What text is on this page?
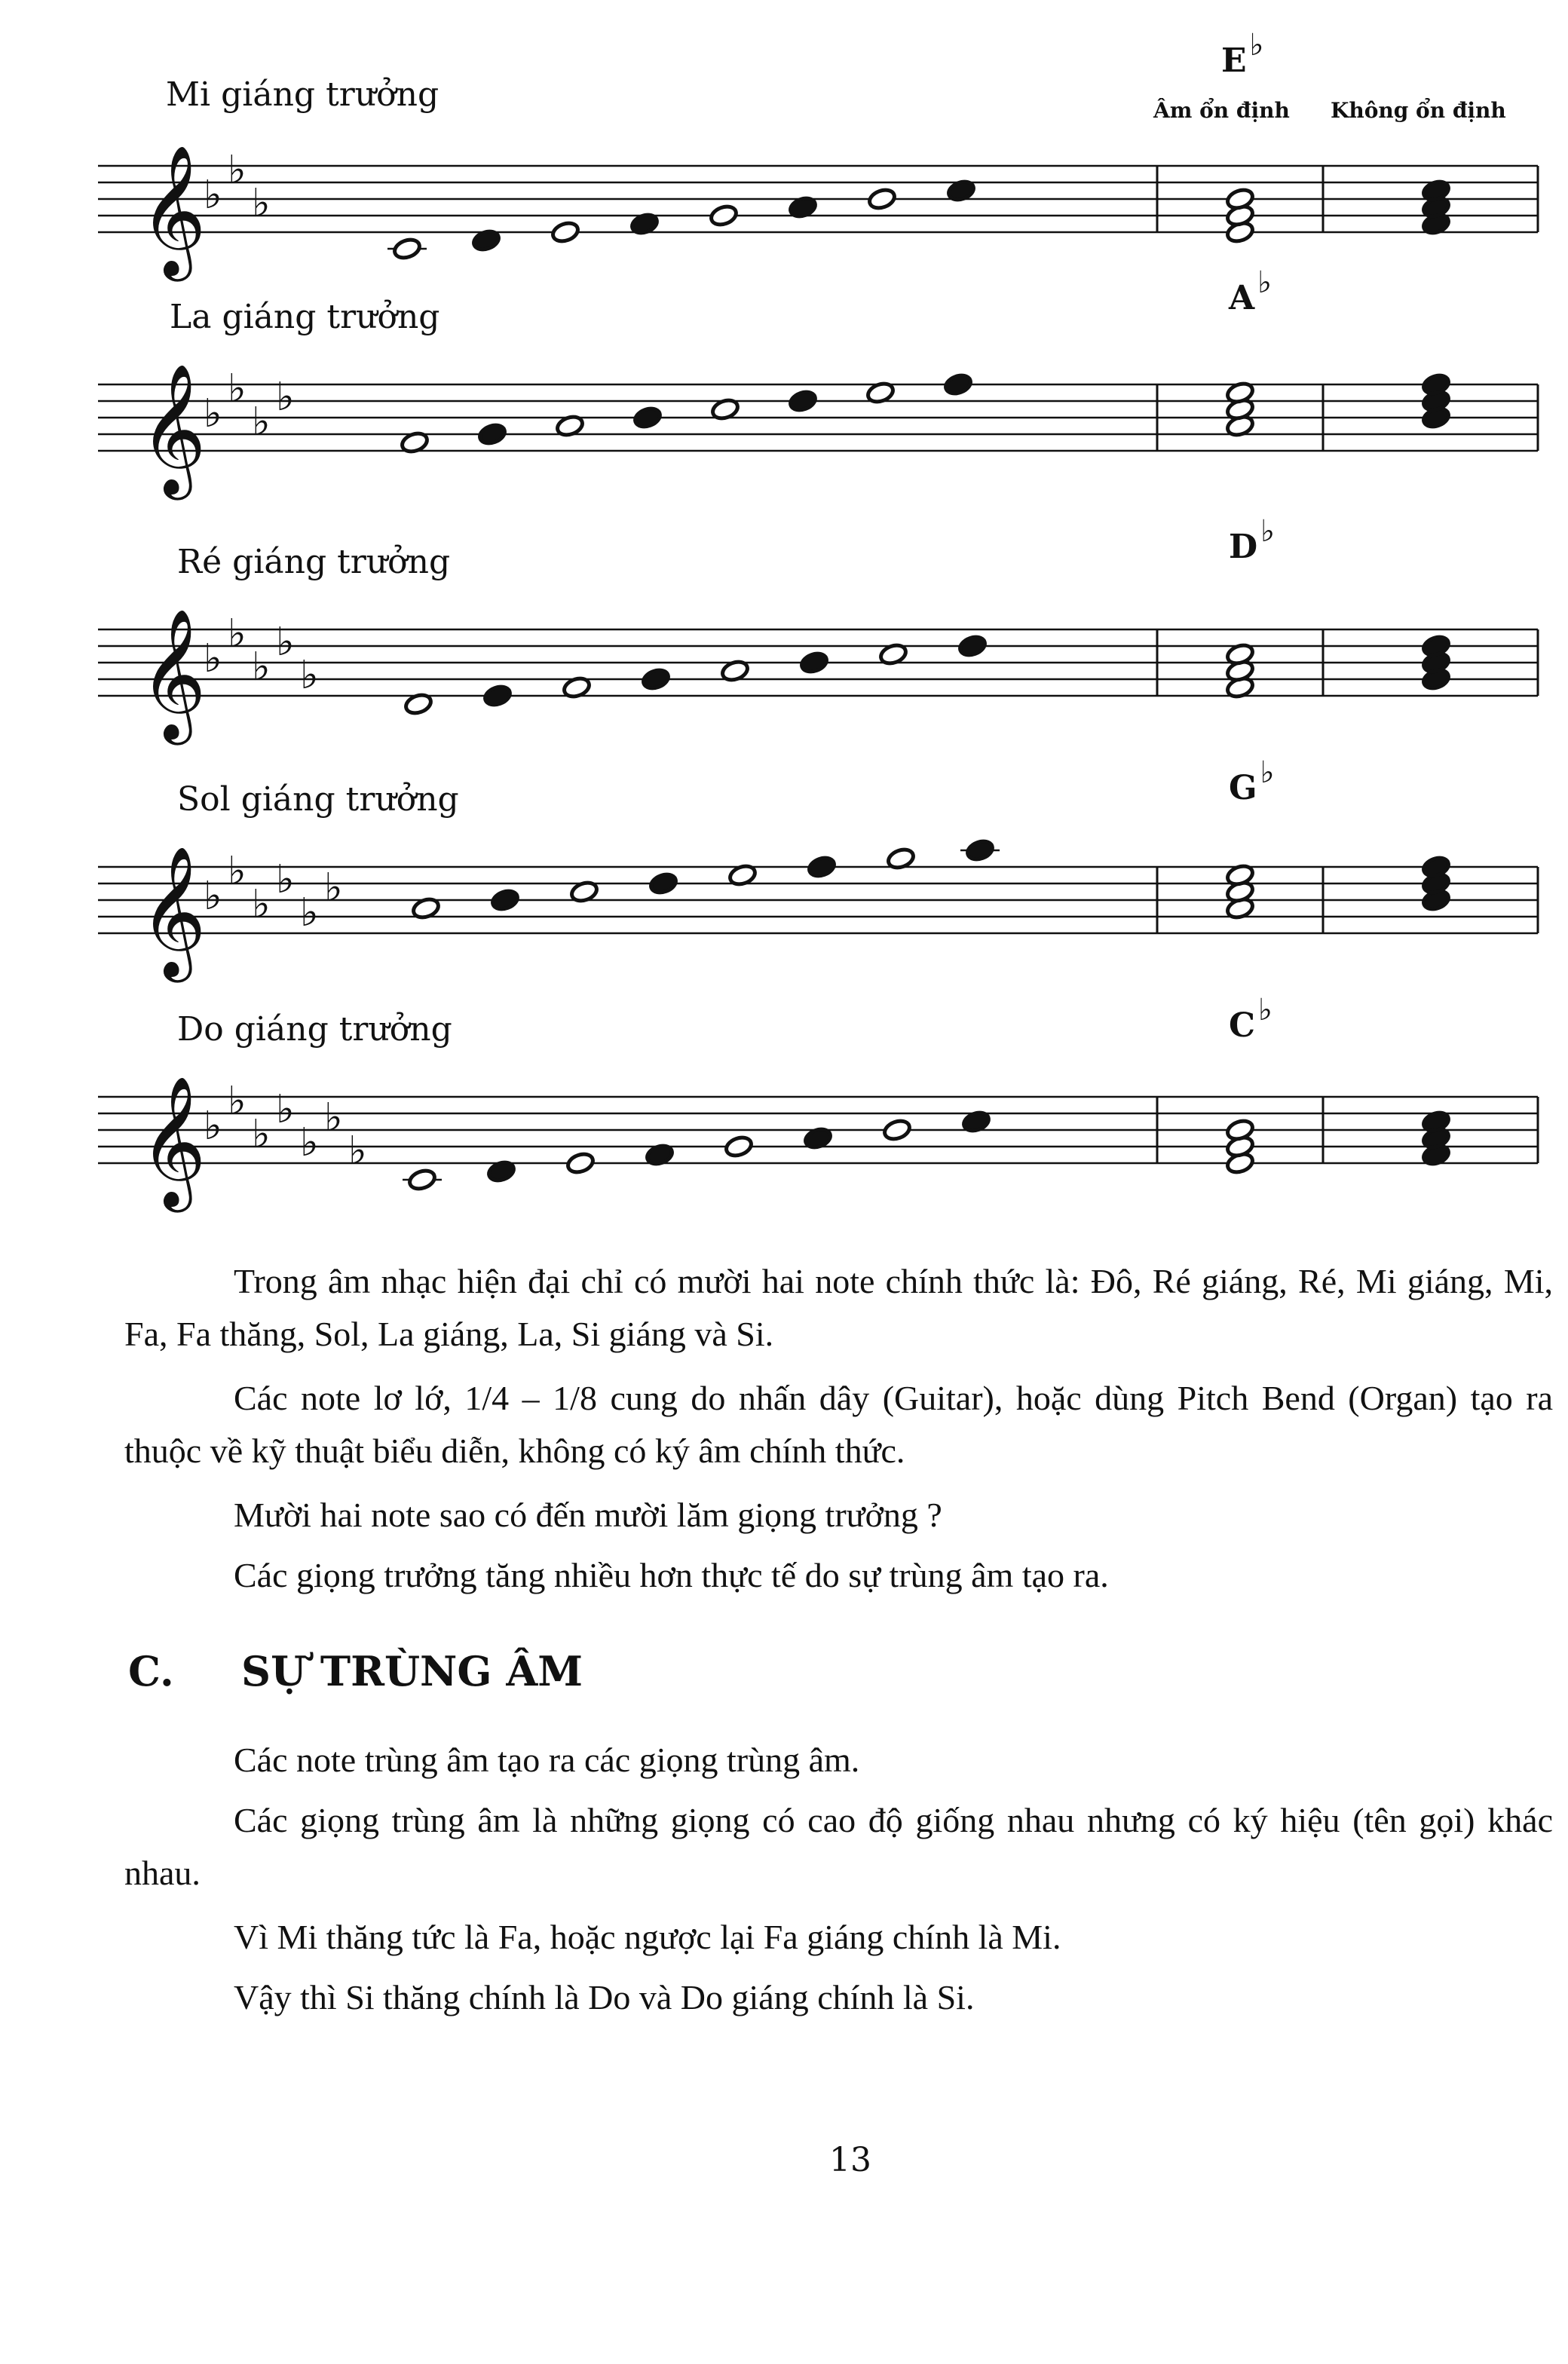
Âm ổn định Không ổn định
Mi giáng trưởng
E ♭
𝄞
♭
♭
♭
La giáng trưởng	A ♭
𝄞
♭
♭
♭
♭
Ré giáng trưởng	D ♭
𝄞
♭
♭
♭
♭
♭
Sol giáng trưởng	G ♭
𝄞
♭
♭
♭
♭
♭
♭
Do giáng trưởng	C ♭
𝄞
♭
♭
♭
♭
♭
♭
♭
Trong âm nhạc hiện đại chỉ có mười hai note chính thức là: Đô, Ré giáng, Ré, Mi giáng, Mi, Fa, Fa thăng, Sol, La giáng, La, Si giáng và Si.
Các note lơ lớ, 1/4 – 1/8 cung do nhấn dây (Guitar), hoặc dùng Pitch Bend (Organ) tạo ra thuộc về kỹ thuật biểu diễn, không có ký âm chính thức.
Mười hai note sao có đến mười lăm giọng trưởng ?
Các giọng trưởng tăng nhiều hơn thực tế do sự trùng âm tạo ra.
C. SỰ TRÙNG ÂM
Các note trùng âm tạo ra các giọng trùng âm.
Các giọng trùng âm là những giọng có cao độ giống nhau nhưng có ký hiệu (tên gọi) khác nhau.
Vì Mi thăng tức là Fa, hoặc ngược lại Fa giáng chính là Mi.
Vậy thì Si thăng chính là Do và Do giáng chính là Si.
13
